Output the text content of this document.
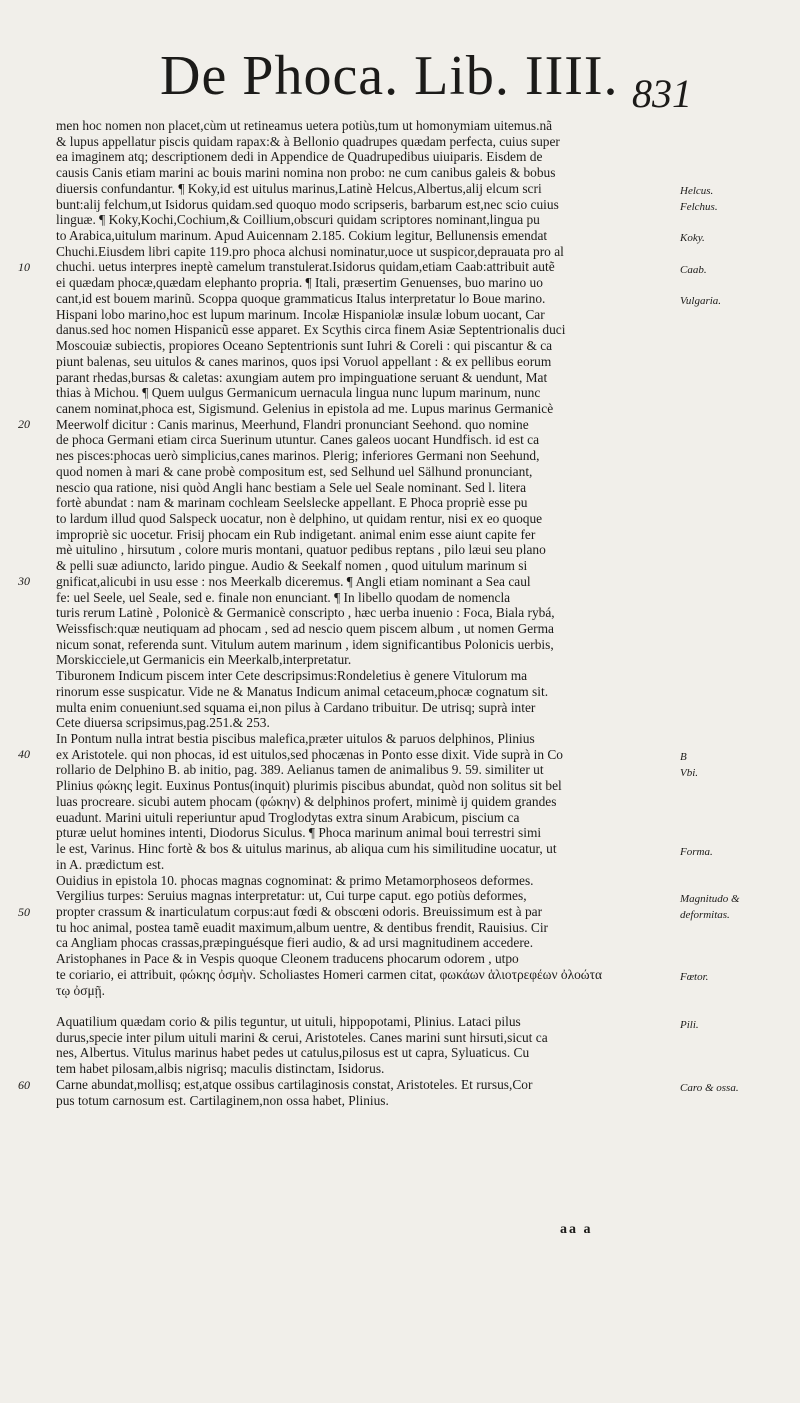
De Phoca. Lib. IIII. 831
men hoc nomen non placet,cùm ut retineamus uetera potiùs,tum ut homonymiam uitemus.nã
& lupus appellatur piscis quidam rapax:& à Bellonio quadrupes quædam perfecta, cuius super
ea imaginem atq; descriptionem dedi in Appendice de Quadrupedibus uiuiparis. Eisdem de
causis Canis etiam marini ac bouis marini nomina non probo: ne cum canibus galeis & bobus
diuersis confundantur. ¶ Koky,id est uitulus marinus,Latinè Helcus,Albertus,alij elcum scri
bunt:alij felchum,ut Isidorus quidam.sed quoquo modo scripseris, barbarum est,nec scio cuius
linguæ. ¶ Koky,Kochi,Cochium,& Coillium,obscuri quidam scriptores nominant,lingua pu
to Arabica,uitulum marinum. Apud Auicennam 2.185. Cokium legitur, Bellunensis emendat
Chuchi.Eiusdem libri capite 119.pro phoca alchusi nominatur,uoce ut suspicor,deprauata pro al
chuchi. uetus interpres ineptè camelum transtulerat.Isidorus quidam,etiam Caab:attribuit autẽ
ei quædam phocæ,quædam elephanto propria. ¶ Itali, præsertim Genuenses, buo marino uo
cant,id est bouem marinũ. Scoppa quoque grammaticus Italus interpretatur lo Boue marino.
Hispani lobo marino,hoc est lupum marinum. Incolæ Hispaniolæ insulæ lobum uocant, Car
danus.sed hoc nomen Hispanicũ esse apparet. Ex Scythis circa finem Asiæ Septentrionalis duci
Moscouiæ subiectis, propiores Oceano Septentrionis sunt Iuhri & Coreli : qui piscantur & ca
piunt balenas, seu uitulos & canes marinos, quos ipsi Voruol appellant : & ex pellibus eorum
parant rhedas,bursas & caletas: axungiam autem pro impinguatione seruant & uendunt, Mat
thias à Michou. ¶ Quem uulgus Germanicum uernacula lingua nunc lupum marinum, nunc
canem nominat,phoca est, Sigismund. Gelenius in epistola ad me. Lupus marinus Germanicè
Meerwolf dicitur : Canis marinus, Meerhund, Flandri pronunciant Seehond. quo nomine
de phoca Germani etiam circa Suerinum utuntur. Canes galeos uocant Hundfisch. id est ca
nes pisces:phocas uerò simplicius,canes marinos. Plerig; inferiores Germani non Seehund,
quod nomen à mari & cane probè compositum est, sed Selhund uel Sälhund pronunciant,
nescio qua ratione, nisi quòd Angli hanc bestiam a Sele uel Seale nominant. Sed l. litera
fortè abundat : nam & marinam cochleam Seelslecke appellant. E Phoca propriè esse pu
to lardum illud quod Salspeck uocatur, non è delphino, ut quidam rentur, nisi ex eo quoque
impropriè sic uocetur. Frisij phocam ein Rub indigetant. animal enim esse aiunt capite fer
mè uitulino , hirsutum , colore muris montani, quatuor pedibus reptans , pilo læui seu plano
& pelli suæ adiuncto, larido pingue. Audio & Seekalf nomen , quod uitulum marinum si
gnificat,alicubi in usu esse : nos Meerkalb diceremus. ¶ Angli etiam nominant a Sea caul
fe: uel Seele, uel Seale, sed e. finale non enunciant. ¶ In libello quodam de nomencla
turis rerum Latinè , Polonicè & Germanicè conscripto , hæc uerba inuenio : Foca, Biala rybá,
Weissfisch:quæ neutiquam ad phocam , sed ad nescio quem piscem album , ut nomen Germa
nicum sonat, referenda sunt. Vitulum autem marinum , idem significantibus Polonicis uerbis,
Morskicciele,ut Germanicis ein Meerkalb,interpretatur.
Tiburonem Indicum piscem inter Cete descripsimus:Rondeletius è genere Vitulorum ma
rinorum esse suspicatur. Vide ne & Manatus Indicum animal cetaceum,phocæ cognatum sit.
multa enim conueniunt.sed squama ei,non pilus à Cardano tribuitur. De utrisq; suprà inter
Cete diuersa scripsimus,pag.251.& 253.
In Pontum nulla intrat bestia piscibus malefica,præter uitulos & paruos delphinos, Plinius
ex Aristotele. qui non phocas, id est uitulos,sed phocænas in Ponto esse dixit. Vide suprà in Co
rollario de Delphino B. ab initio, pag. 389. Aelianus tamen de animalibus 9. 59. similiter ut
Plinius φώκης legit. Euxinus Pontus(inquit) plurimis piscibus abundat, quòd non solitus sit bel
luas procreare. sicubi autem phocam (φώκην) & delphinos profert, minimè ij quidem grandes
euadunt. Marini uituli reperiuntur apud Troglodytas extra sinum Arabicum, piscium ca
pturæ uelut homines intenti, Diodorus Siculus. ¶ Phoca marinum animal boui terrestri simi
le est, Varinus. Hinc fortè & bos & uitulus marinus, ab aliqua cum his similitudine uocatur, ut
in A. prædictum est.
Ouidius in epistola 10. phocas magnas cognominat: & primo Metamorphoseos deformes.
Vergilius turpes: Seruius magnas interpretatur: ut, Cui turpe caput. ego potiùs deformes,
propter crassum & inarticulatum corpus:aut fœdi & obscœni odoris. Breuissimum est à par
tu hoc animal, postea tamẽ euadit maximum,album uentre, & dentibus frendit, Rauisius. Cir
ca Angliam phocas crassas,præpinguésque fieri audio, & ad ursi magnitudinem accedere.
Aristophanes in Pace & in Vespis quoque Cleonem traducens phocarum odorem , utpo
te coriario, ei attribuit, φώκης ὀσμὴν. Scholiastes Homeri carmen citat, φωκάων ἁλιοτρεφέων ὀλοώτα
τῳ ὀσμῇ.
Aquatilium quædam corio & pilis teguntur, ut uituli, hippopotami, Plinius. Lataci pilus
durus,specie inter pilum uituli marini & cerui, Aristoteles. Canes marini sunt hirsuti,sicut ca
nes, Albertus. Vitulus marinus habet pedes ut catulus,pilosus est ut capra, Syluaticus. Cu
tem habet pilosam,albis nigrisq; maculis distinctam, Isidorus.
Carne abundat,mollisq; est,atque ossibus cartilaginosis constat, Aristoteles. Et rursus,Cor
pus totum carnosum est. Cartilaginem,non ossa habet, Plinius.
10
20
30
40
50
60
Helcus.
Felchus.
Koky.
Caab.
Vulgaria.
B
Vbi.
Forma.
Magnitudo &
deformitas.
Fœtor.
Pili.
Caro & ossa.
aa a
